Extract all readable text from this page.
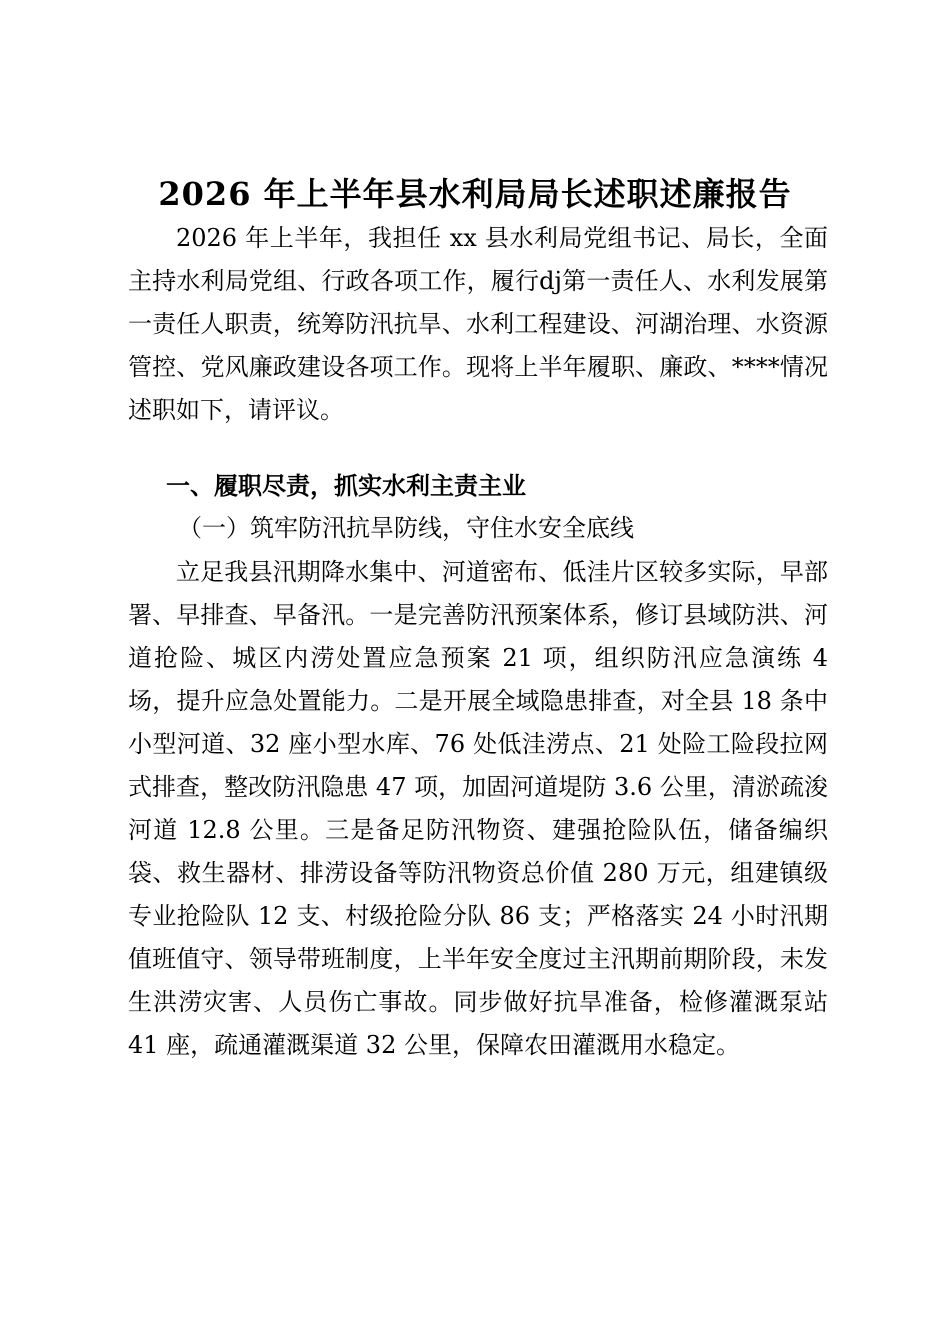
2026 年上半年县水利局局长述职述廉报告

2026 年上半年，我担任 xx 县水利局党组书记、局长，全面主持水利局党组、行政各项工作，履行dj第一责任人、水利发展第一责任人职责，统筹防汛抗旱、水利工程建设、河湖治理、水资源管控、党风廉政建设各项工作。现将上半年履职、廉政、****情况述职如下，请评议。

一、履职尽责，抓实水利主责主业
（一）筑牢防汛抗旱防线，守住水安全底线

立足我县汛期降水集中、河道密布、低洼片区较多实际，早部署、早排查、早备汛。一是完善防汛预案体系，修订县域防洪、河道抢险、城区内涝处置应急预案 21 项，组织防汛应急演练 4 场，提升应急处置能力。二是开展全域隐患排查，对全县 18 条中小型河道、32 座小型水库、76 处低洼涝点、21 处险工险段拉网式排查，整改防汛隐患 47 项，加固河道堤防 3.6 公里，清淤疏浚河道 12.8 公里。三是备足防汛物资、建强抢险队伍，储备编织袋、救生器材、排涝设备等防汛物资总价值 280 万元，组建镇级专业抢险队 12 支、村级抢险分队 86 支；严格落实 24 小时汛期值班值守、领导带班制度，上半年安全度过主汛期前期阶段，未发生洪涝灾害、人员伤亡事故。同步做好抗旱准备，检修灌溉泵站 41 座，疏通灌溉渠道 32 公里，保障农田灌溉用水稳定。
